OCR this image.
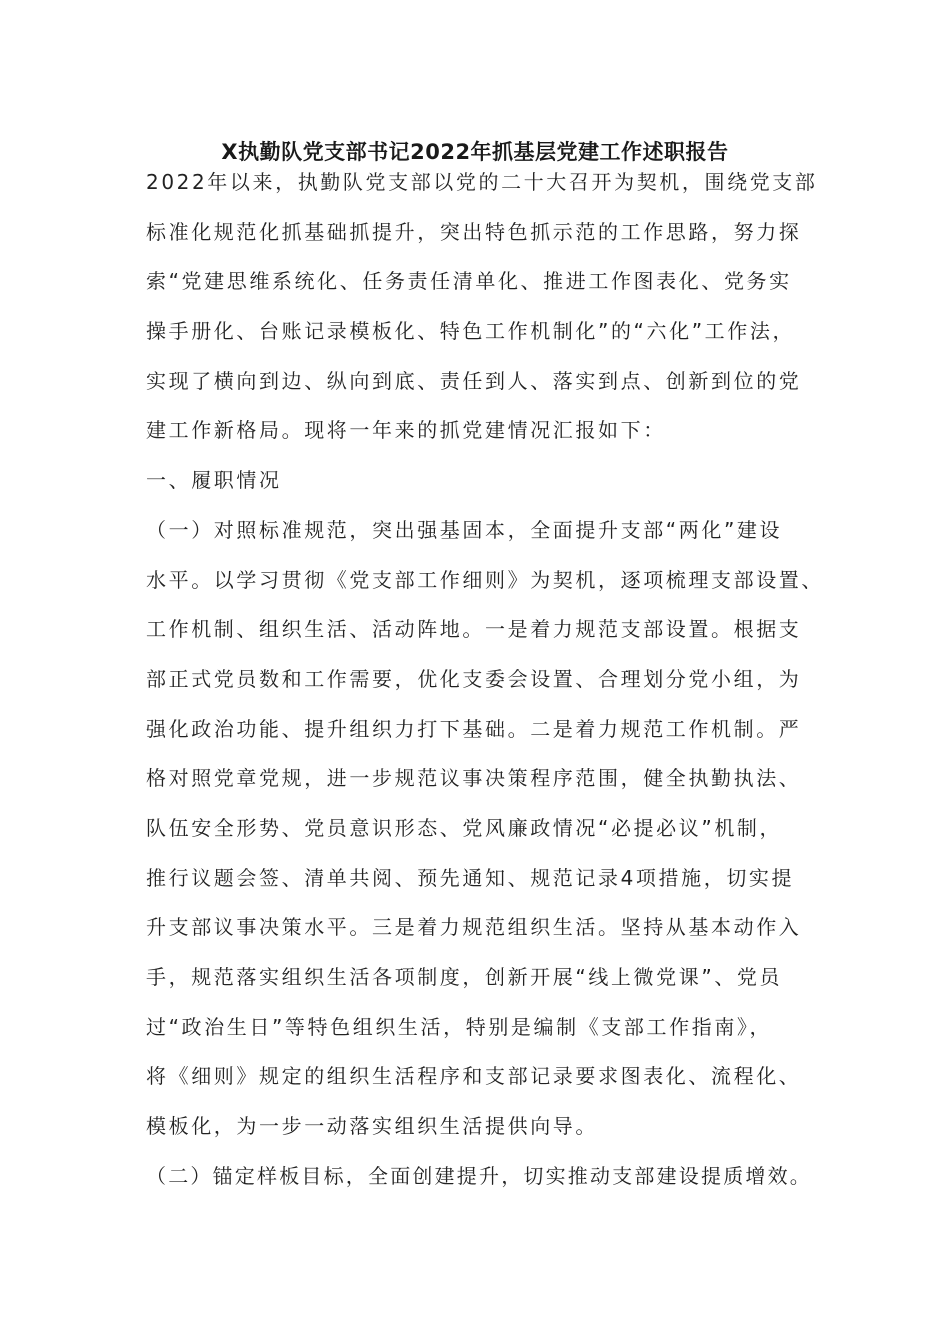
X执勤队党支部书记2022年抓基层党建工作述职报告
2022年以来，执勤队党支部以党的二十大召开为契机，围绕党支部
标准化规范化抓基础抓提升，突出特色抓示范的工作思路，努力探
索“党建思维系统化、任务责任清单化、推进工作图表化、党务实
操手册化、台账记录模板化、特色工作机制化”的“六化”工作法，
实现了横向到边、纵向到底、责任到人、落实到点、创新到位的党
建工作新格局。现将一年来的抓党建情况汇报如下：
一、履职情况
（一）对照标准规范，突出强基固本，全面提升支部“两化”建设
水平。以学习贯彻《党支部工作细则》为契机，逐项梳理支部设置、
工作机制、组织生活、活动阵地。一是着力规范支部设置。根据支
部正式党员数和工作需要，优化支委会设置、合理划分党小组，为
强化政治功能、提升组织力打下基础。二是着力规范工作机制。严
格对照党章党规，进一步规范议事决策程序范围，健全执勤执法、
队伍安全形势、党员意识形态、党风廉政情况“必提必议”机制，
推行议题会签、清单共阅、预先通知、规范记录4项措施，切实提
升支部议事决策水平。三是着力规范组织生活。坚持从基本动作入
手，规范落实组织生活各项制度，创新开展“线上微党课”、党员
过“政治生日”等特色组织生活，特别是编制《支部工作指南》，
将《细则》规定的组织生活程序和支部记录要求图表化、流程化、
模板化，为一步一动落实组织生活提供向导。
（二）锚定样板目标，全面创建提升，切实推动支部建设提质增效。
